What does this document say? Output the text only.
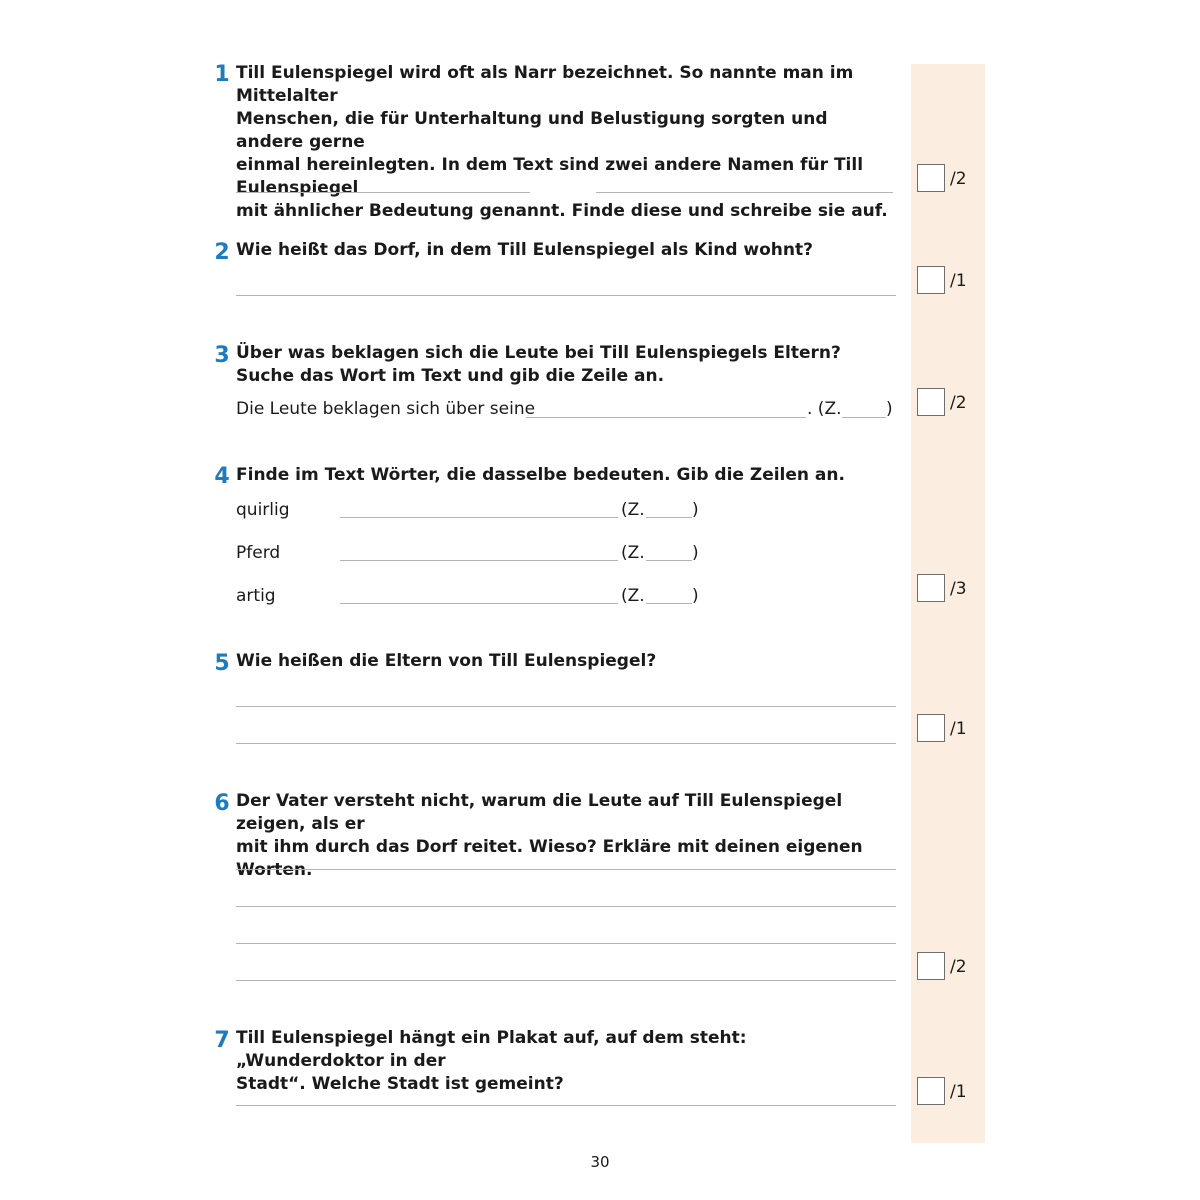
1 Till Eulenspiegel wird oft als Narr bezeichnet. So nannte man im Mittelalter
Menschen, die für Unterhaltung und Belustigung sorgten und andere gerne
einmal hereinlegten. In dem Text sind zwei andere Namen für Till Eulenspiegel
mit ähnlicher Bedeutung genannt. Finde diese und schreibe sie auf.
/2
2 Wie heißt das Dorf, in dem Till Eulenspiegel als Kind wohnt?
/1
3 Über was beklagen sich die Leute bei Till Eulenspiegels Eltern?
Suche das Wort im Text und gib die Zeile an.
Die Leute beklagen sich über seine	. (Z.	)	/2
4 Finde im Text Wörter, die dasselbe bedeuten. Gib die Zeilen an.
quirlig	(Z.	)
Pferd	(Z.	)
artig	(Z.	)	/3
5 Wie heißen die Eltern von Till Eulenspiegel?
/1
6 Der Vater versteht nicht, warum die Leute auf Till Eulenspiegel zeigen, als er
mit ihm durch das Dorf reitet. Wieso? Erkläre mit deinen eigenen Worten.
/2
7 Till Eulenspiegel hängt ein Plakat auf, auf dem steht: „Wunderdoktor in der
Stadt“. Welche Stadt ist gemeint?	/1
30
